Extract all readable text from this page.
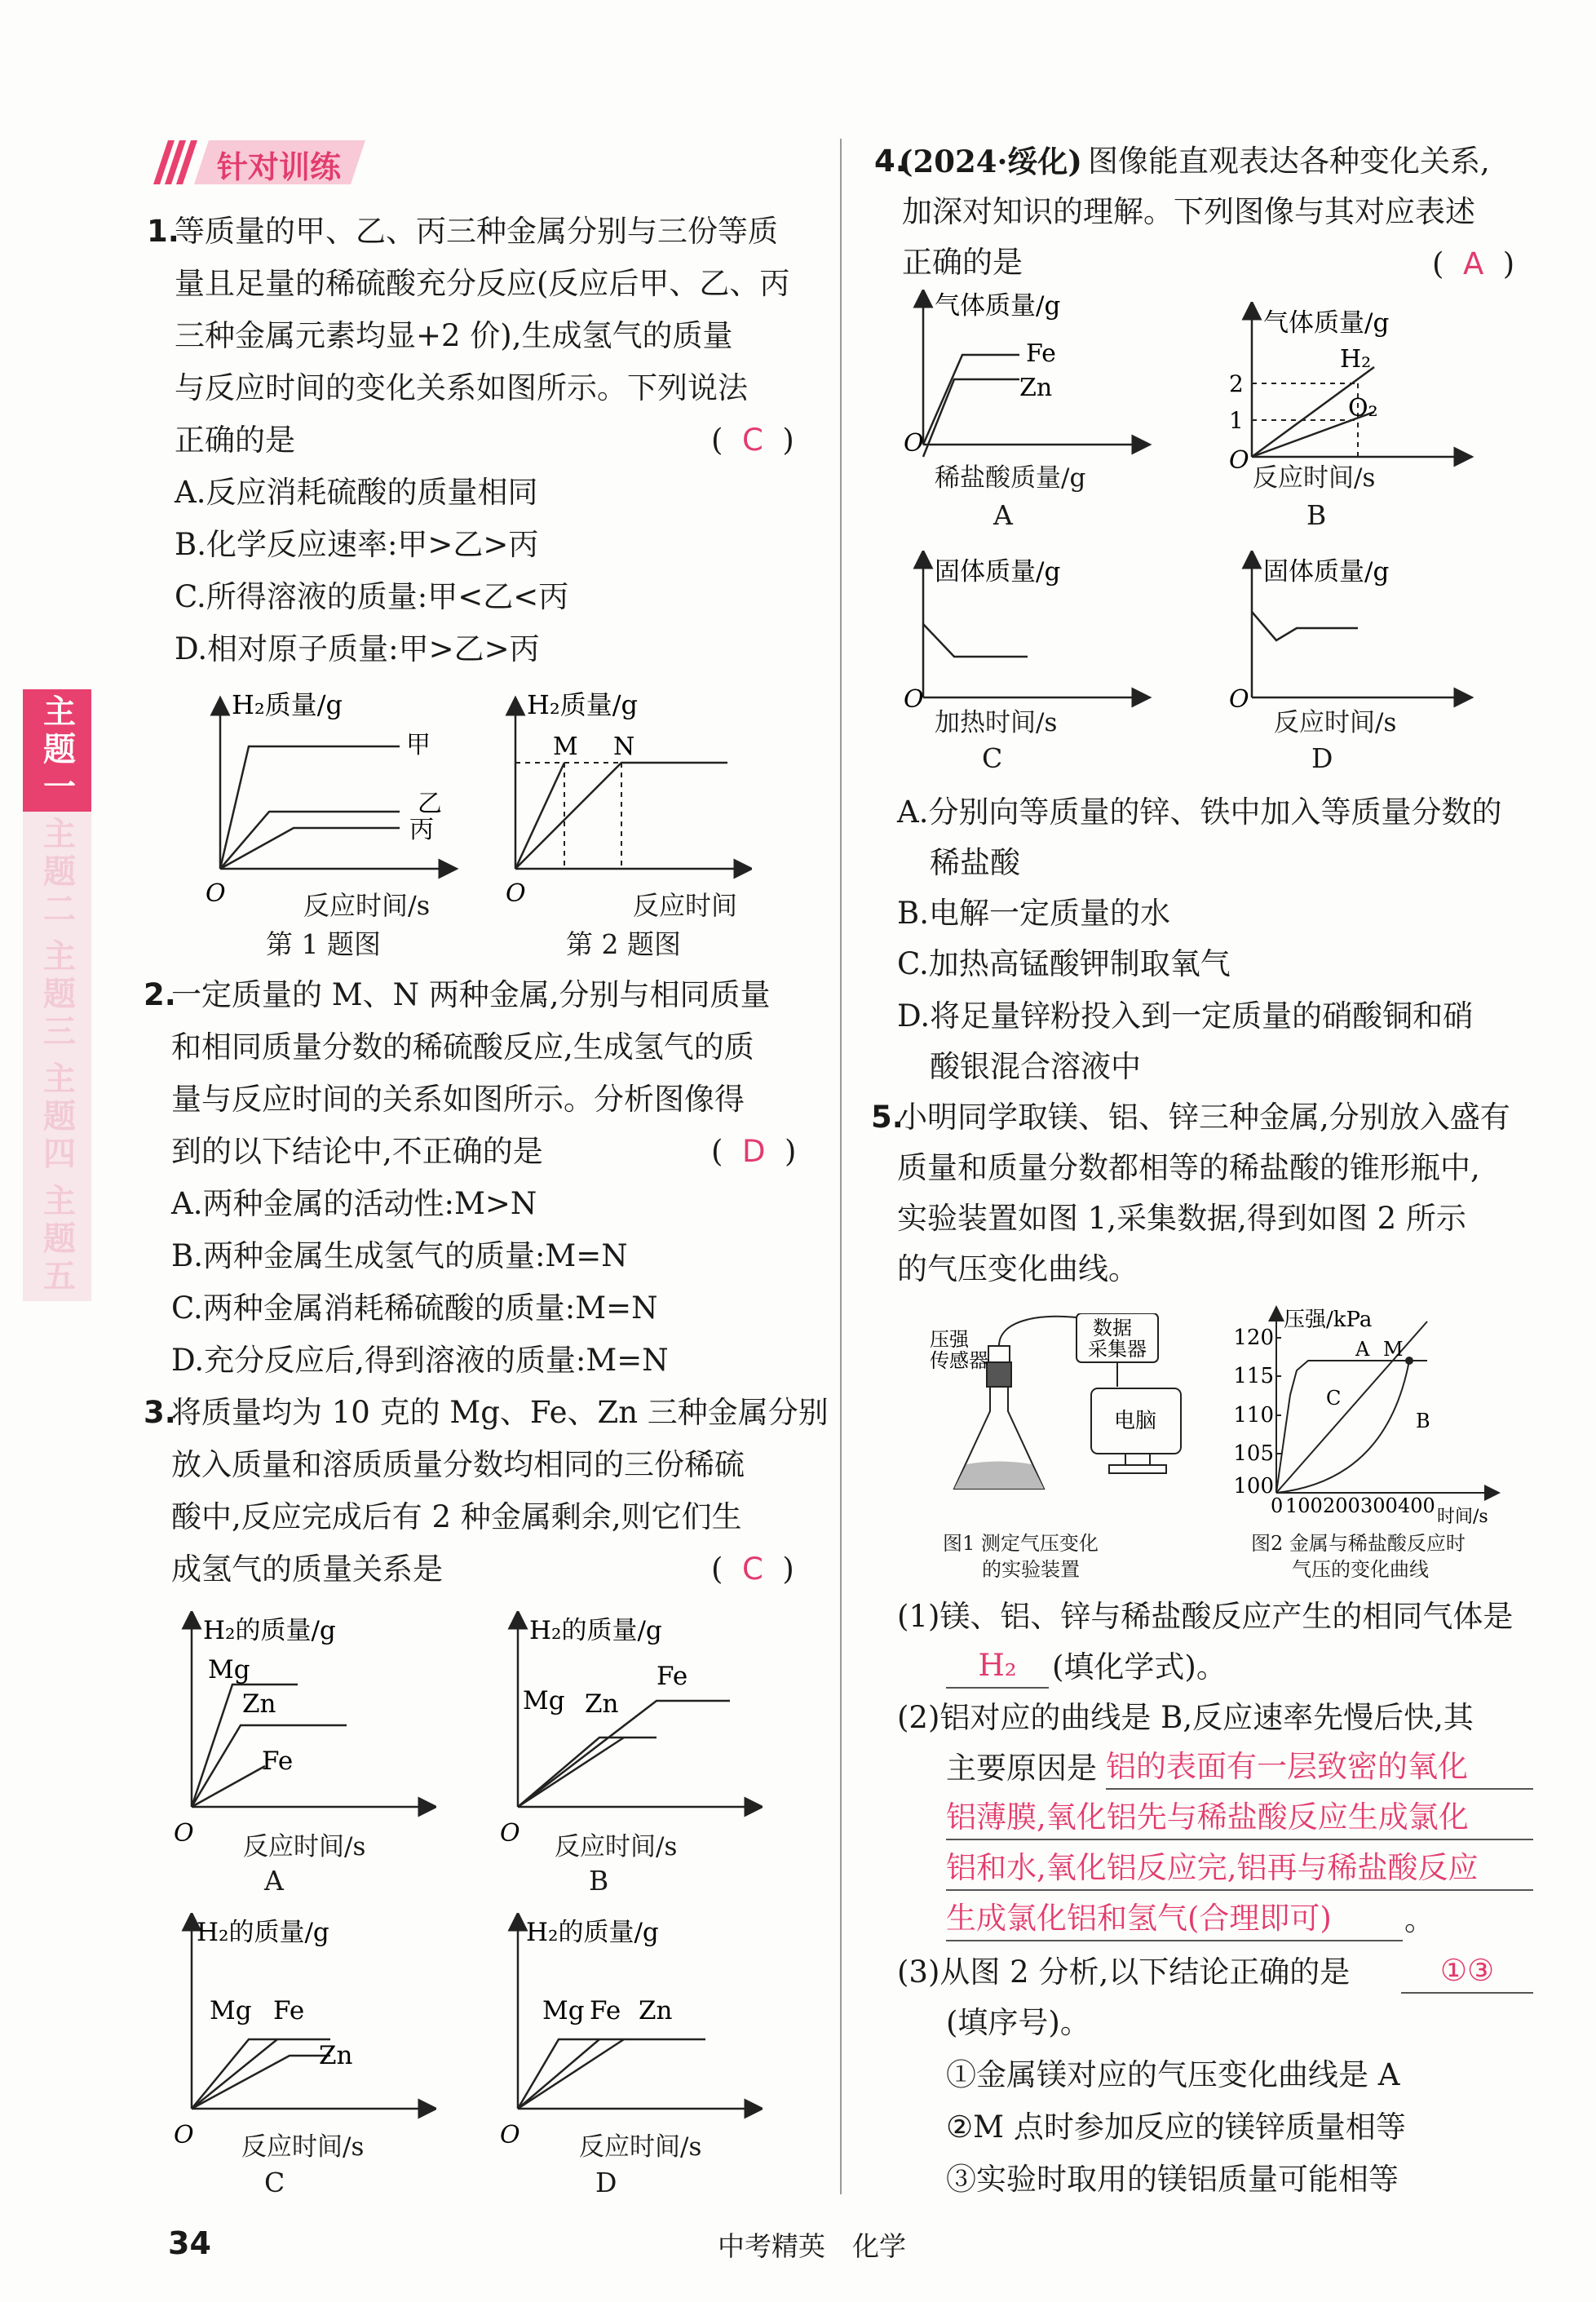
针对训练
主题一
主题二
主题三
主题四
主题五
1.
等质量的甲、乙、丙三种金属分别与三份等质
量且足量的稀硫酸充分反应(反应后甲、乙、丙
三种金属元素均显+2 价),生成氢气的质量
与反应时间的变化关系如图所示。下列说法
正确的是	(  C  )
A.反应消耗硫酸的质量相同
B.化学反应速率:甲>乙>丙
C.所得溶液的质量:甲<乙<丙
D.相对原子质量:甲>乙>丙
H₂质量/g
甲
乙
丙
O	反应时间/s
第 1 题图
H₂质量/g
M N
O	反应时间
第 2 题图
2.
一定质量的 M、N 两种金属,分别与相同质量
和相同质量分数的稀硫酸反应,生成氢气的质
量与反应时间的关系如图所示。分析图像得
到的以下结论中,不正确的是	(  D  )
A.两种金属的活动性:M>N
B.两种金属生成氢气的质量:M=N
C.两种金属消耗稀硫酸的质量:M=N
D.充分反应后,得到溶液的质量:M=N
3.
将质量均为 10 克的 Mg、Fe、Zn 三种金属分别
放入质量和溶质质量分数均相同的三份稀硫
酸中,反应完成后有 2 种金属剩余,则它们生
成氢气的质量关系是	(  C  )
H₂的质量/g
Mg
Zn
Fe
O 反应时间/s
A
H₂的质量/g
Mg Zn
Fe
O 反应时间/s
B
H₂的质量/g
Mg Fe
Zn
O 反应时间/s
C
H₂的质量/g
Mg Fe Zn
O 反应时间/s
D
4.
(2024·绥化) 图像能直观表达各种变化关系,
加深对知识的理解。下列图像与其对应表述
正确的是	(  A  )
气体质量/g
Fe
Zn
O
稀盐酸质量/g
A
气体质量/g
H₂
O₂
2
1
O
反应时间/s
B
固体质量/g
O
加热时间/s
C
固体质量/g
O
反应时间/s
D
A.分别向等质量的锌、铁中加入等质量分数的
稀盐酸
B.电解一定质量的水
C.加热高锰酸钾制取氧气
D.将足量锌粉投入到一定质量的硝酸铜和硝
酸银混合溶液中
5.
小明同学取镁、铝、锌三种金属,分别放入盛有
质量和质量分数都相等的稀盐酸的锥形瓶中,
实验装置如图 1,采集数据,得到如图 2 所示
的气压变化曲线。
压强
传感器
数据
采集器
电脑
图1 测定气压变化
的实验装置
120
115
110
105
100
压强/kPa
A M
C
B
0 100 200 300 400 时间/s
图2 金属与稀盐酸反应时
气压的变化曲线
(1)镁、铝、锌与稀盐酸反应产生的相同气体是
H₂	(填化学式)。
(2)铝对应的曲线是 B,反应速率先慢后快,其
主要原因是 铝的表面有一层致密的氧化
铝薄膜,氧化铝先与稀盐酸反应生成氯化
铝和水,氧化铝反应完,铝再与稀盐酸反应
生成氯化铝和氢气(合理即可)	。
(3)从图 2 分析,以下结论正确的是	①③
(填序号)。
①金属镁对应的气压变化曲线是 A
②M 点时参加反应的镁锌质量相等
③实验时取用的镁铝质量可能相等
34	中考精英　化学
